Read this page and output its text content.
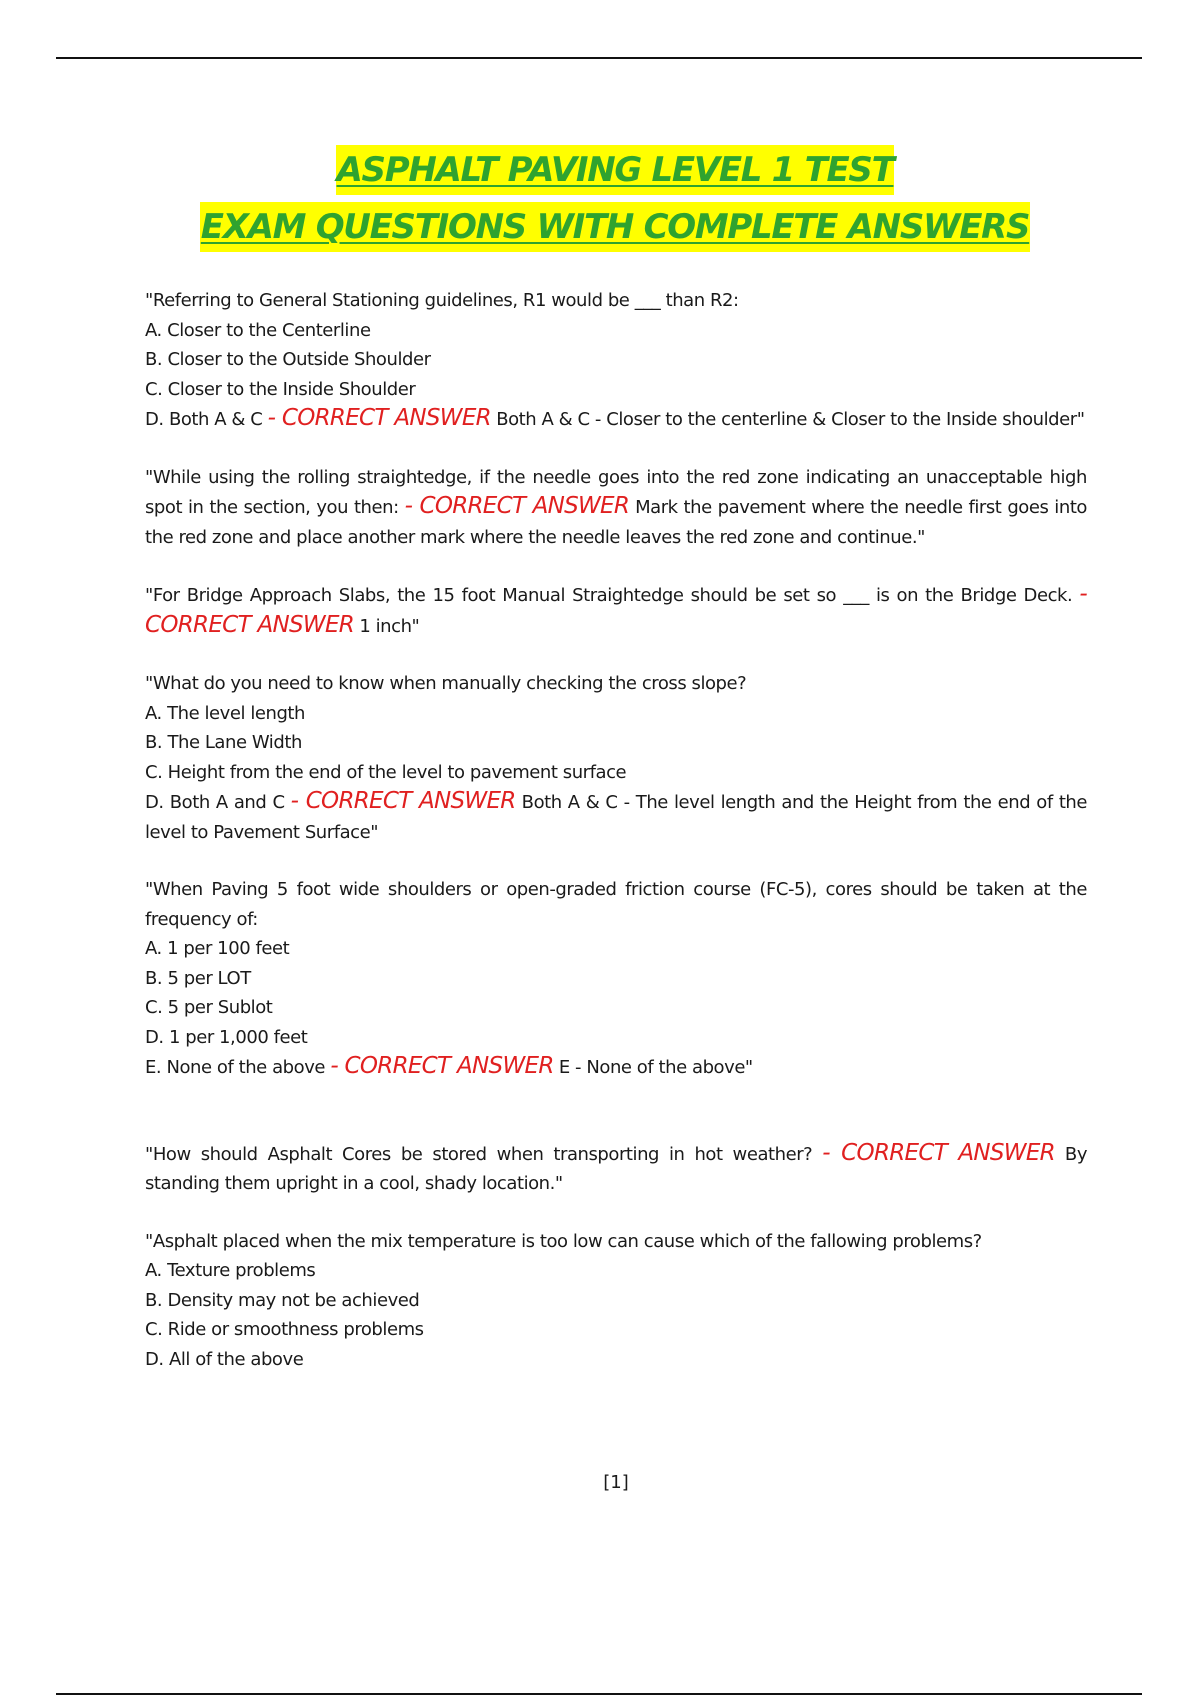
ASPHALT PAVING LEVEL 1 TEST
EXAM QUESTIONS WITH COMPLETE ANSWERS
"Referring to General Stationing guidelines, R1 would be ___ than R2:
A. Closer to the Centerline
B. Closer to the Outside Shoulder
C. Closer to the Inside Shoulder
D. Both A & C - CORRECT ANSWER Both A & C - Closer to the centerline & Closer to the Inside shoulder"
"While using the rolling straightedge, if the needle goes into the red zone indicating an unacceptable high spot in the section, you then: - CORRECT ANSWER Mark the pavement where the needle first goes into the red zone and place another mark where the needle leaves the red zone and continue."
"For Bridge Approach Slabs, the 15 foot Manual Straightedge should be set so ___ is on the Bridge Deck. - CORRECT ANSWER 1 inch"
"What do you need to know when manually checking the cross slope?
A. The level length
B. The Lane Width
C. Height from the end of the level to pavement surface
D. Both A and C - CORRECT ANSWER Both A & C - The level length and the Height from the end of the level to Pavement Surface"
"When Paving 5 foot wide shoulders or open-graded friction course (FC-5), cores should be taken at the frequency of:
A. 1 per 100 feet
B. 5 per LOT
C. 5 per Sublot
D. 1 per 1,000 feet
E. None of the above - CORRECT ANSWER E - None of the above"
"How should Asphalt Cores be stored when transporting in hot weather? - CORRECT ANSWER By standing them upright in a cool, shady location."
"Asphalt placed when the mix temperature is too low can cause which of the fallowing problems?
A. Texture problems
B. Density may not be achieved
C. Ride or smoothness problems
D. All of the above
[1]
